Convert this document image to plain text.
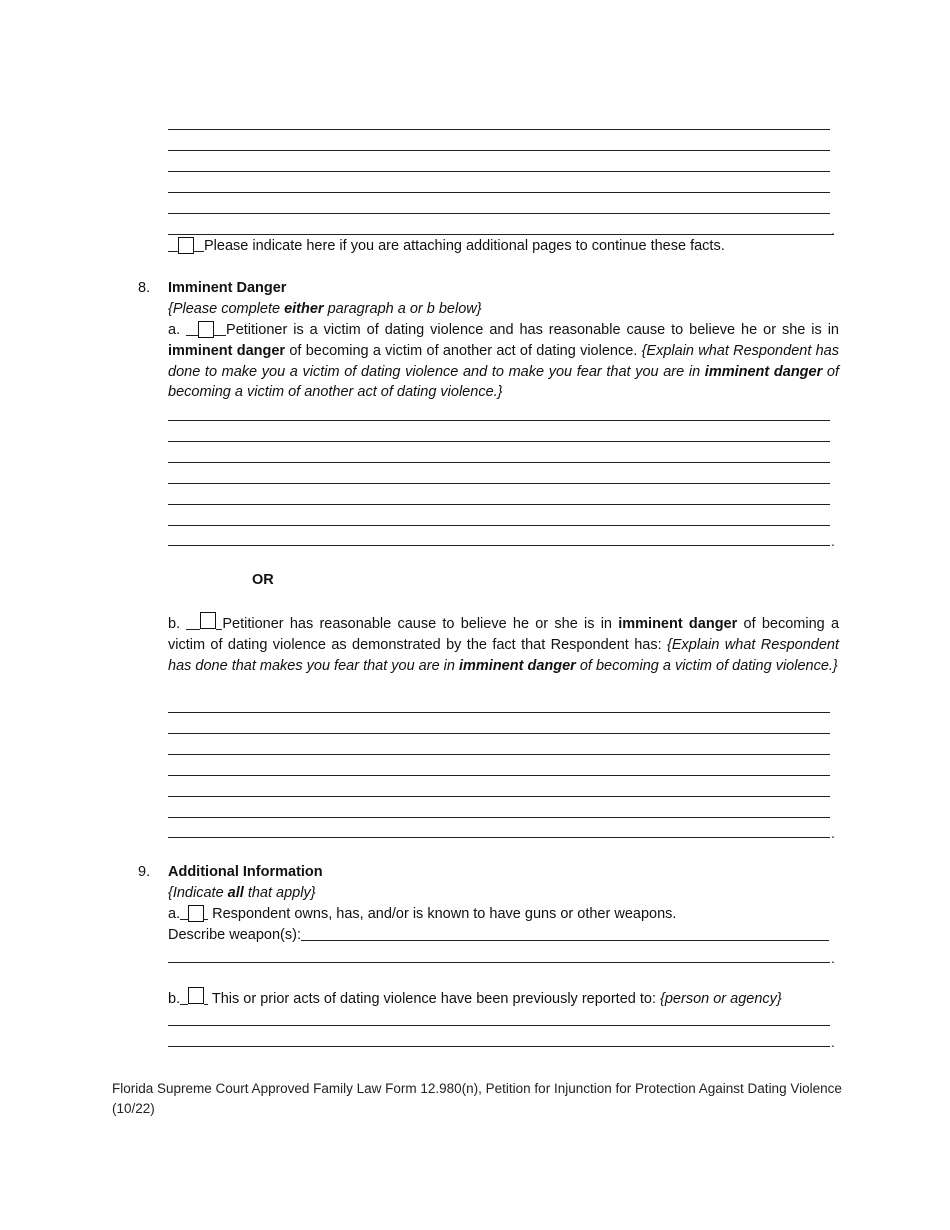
.
Please indicate here if you are attaching additional pages to continue these facts.
8. Imminent Danger
{Please complete either paragraph a or b below}
a.	Petitioner is a victim of dating violence and has reasonable cause to believe he or she is in imminent danger of becoming a victim of another act of dating violence. {Explain what Respondent has done to make you a victim of dating violence and to make you fear that you are in imminent danger of becoming a victim of another act of dating violence.}
.
OR
b.	Petitioner has reasonable cause to believe he or she is in imminent danger of becoming a victim of dating violence as demonstrated by the fact that Respondent has: {Explain what Respondent has done that makes you fear that you are in imminent danger of becoming a victim of dating violence.}
.
9. Additional Information
{Indicate all that apply}
a. Respondent owns, has, and/or is known to have guns or other weapons.
Describe weapon(s):
.
b. This or prior acts of dating violence have been previously reported to: {person or agency}
.
Florida Supreme Court Approved Family Law Form 12.980(n), Petition for Injunction for Protection Against Dating Violence (10/22)
